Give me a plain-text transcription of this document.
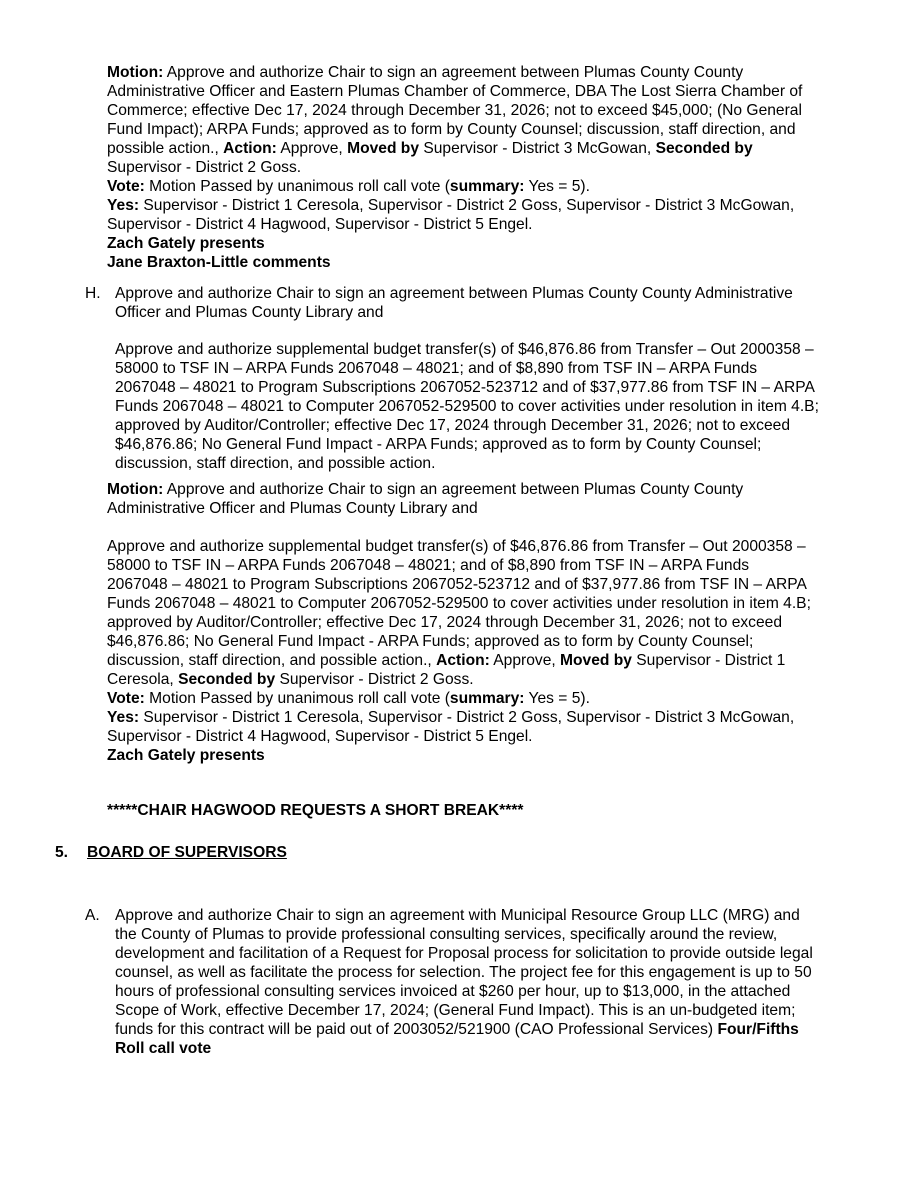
Motion: Approve and authorize Chair to sign an agreement between Plumas County County
Administrative Officer and Eastern Plumas Chamber of Commerce, DBA The Lost Sierra Chamber of
Commerce; effective Dec 17, 2024 through December 31, 2026; not to exceed $45,000; (No General
Fund Impact); ARPA Funds; approved as to form by County Counsel; discussion, staff direction, and
possible action., Action: Approve, Moved by Supervisor - District 3 McGowan, Seconded by
Supervisor - District 2 Goss.
Vote: Motion Passed by unanimous roll call vote (summary: Yes = 5).
Yes: Supervisor - District 1 Ceresola, Supervisor - District 2 Goss, Supervisor - District 3 McGowan,
Supervisor - District 4 Hagwood, Supervisor - District 5 Engel.
Zach Gately presents
Jane Braxton-Little comments
H. Approve and authorize Chair to sign an agreement between Plumas County County Administrative
Officer and Plumas County Library and
Approve and authorize supplemental budget transfer(s) of $46,876.86 from Transfer – Out 2000358 –
58000 to TSF IN – ARPA Funds 2067048 – 48021; and of $8,890 from TSF IN – ARPA Funds
2067048 – 48021 to Program Subscriptions 2067052-523712 and of $37,977.86 from TSF IN – ARPA
Funds 2067048 – 48021 to Computer 2067052-529500 to cover activities under resolution in item 4.B;
approved by Auditor/Controller; effective Dec 17, 2024 through December 31, 2026; not to exceed
$46,876.86; No General Fund Impact - ARPA Funds; approved as to form by County Counsel;
discussion, staff direction, and possible action.
Motion: Approve and authorize Chair to sign an agreement between Plumas County County
Administrative Officer and Plumas County Library and
Approve and authorize supplemental budget transfer(s) of $46,876.86 from Transfer – Out 2000358 –
58000 to TSF IN – ARPA Funds 2067048 – 48021; and of $8,890 from TSF IN – ARPA Funds
2067048 – 48021 to Program Subscriptions 2067052-523712 and of $37,977.86 from TSF IN – ARPA
Funds 2067048 – 48021 to Computer 2067052-529500 to cover activities under resolution in item 4.B;
approved by Auditor/Controller; effective Dec 17, 2024 through December 31, 2026; not to exceed
$46,876.86; No General Fund Impact - ARPA Funds; approved as to form by County Counsel;
discussion, staff direction, and possible action., Action: Approve, Moved by Supervisor - District 1
Ceresola, Seconded by Supervisor - District 2 Goss.
Vote: Motion Passed by unanimous roll call vote (summary: Yes = 5).
Yes: Supervisor - District 1 Ceresola, Supervisor - District 2 Goss, Supervisor - District 3 McGowan,
Supervisor - District 4 Hagwood, Supervisor - District 5 Engel.
Zach Gately presents
*****CHAIR HAGWOOD REQUESTS A SHORT BREAK****
5. BOARD OF SUPERVISORS
A. Approve and authorize Chair to sign an agreement with Municipal Resource Group LLC (MRG) and
the County of Plumas to provide professional consulting services, specifically around the review,
development and facilitation of a Request for Proposal process for solicitation to provide outside legal
counsel, as well as facilitate the process for selection. The project fee for this engagement is up to 50
hours of professional consulting services invoiced at $260 per hour, up to $13,000, in the attached
Scope of Work, effective December 17, 2024; (General Fund Impact). This is an un-budgeted item;
funds for this contract will be paid out of 2003052/521900 (CAO Professional Services) Four/Fifths
Roll call vote
